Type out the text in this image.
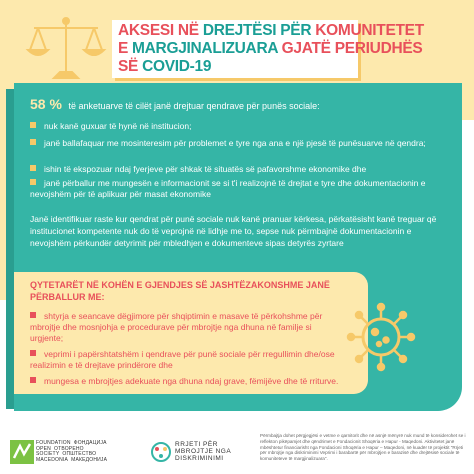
AKSESI NË DREJTËSI PËR KOMUNITETET
E MARGJINALIZUARA GJATË PERIUDHËS
SË COVID-19
58 % të anketuarve të cilët janë drejtuar qendrave për punës sociale:
nuk kanë guxuar të hynë në institucion;
janë ballafaquar me mosinteresim për problemet e tyre nga ana e një pjesë të punësuarve në qendra;
ishin të ekspozuar ndaj fyerjeve për shkak të situatës së pafavorshme ekonomike dhe
janë përballur me mungesën e informacionit se si t'i realizojnë të drejtat e tyre dhe dokumentacionin e nevojshëm për të aplikuar për masat ekonomike
Janë identifikuar raste kur qendrat për punë sociale nuk kanë pranuar kërkesa, përkatësisht kanë treguar që institucionet kompetente nuk do të veprojnë në lidhje me to, sepse nuk përmbajnë dokumentacionin e nevojshëm përkundër detyrimit për mbledhjen e dokumenteve sipas detyrës zyrtare
QYTETARËT NË KOHËN E GJENDJES SË JASHTËZAKONSHME JANË PËRBALLUR ME:
shtyrja e seancave dëgjimore për shqiptimin e masave të përkohshme për mbrojtje dhe mosnjohja e procedurave për mbrojtje nga dhuna në familje si urgjente;
veprimi i papërshtatshëm i qendrave për punë sociale për rregullimin dhe/ose realizimin e të drejtave prindërore dhe
mungesa e mbrojtjes adekuate nga dhuna ndaj grave, fëmijëve dhe të rriturve.
FOUNDATION ФОНДАЦИЈА
OPEN ОТВОРЕНО
SOCIETY ОПШТЕСТВО
MACEDONIA МАКЕДОНИЈА
RRJETI PËR
MBROJTJE NGA
DISKRIMINIMI
Përmbajtja dohet përgjegjësi e vetme e qarnitorit dhe në asnjë mënyrë nuk mund të konsiderohet se i reflekton pikëpamjet dhe qëndrimet e Fondacionit Shoqëria e Hapur - Maqedoni. Aktivitetet janë mbështetur financiarisht nga Fondacioni Shoqëria e Hapur – Maqedoni, në kuadër të projektit "Rrjeti për mbrojtje nga diskriminimi Veprimi i barabartë për mbrojtjen e barazisë dhe drejtësisë sociale të komuniteteve të margjinalizuara".
